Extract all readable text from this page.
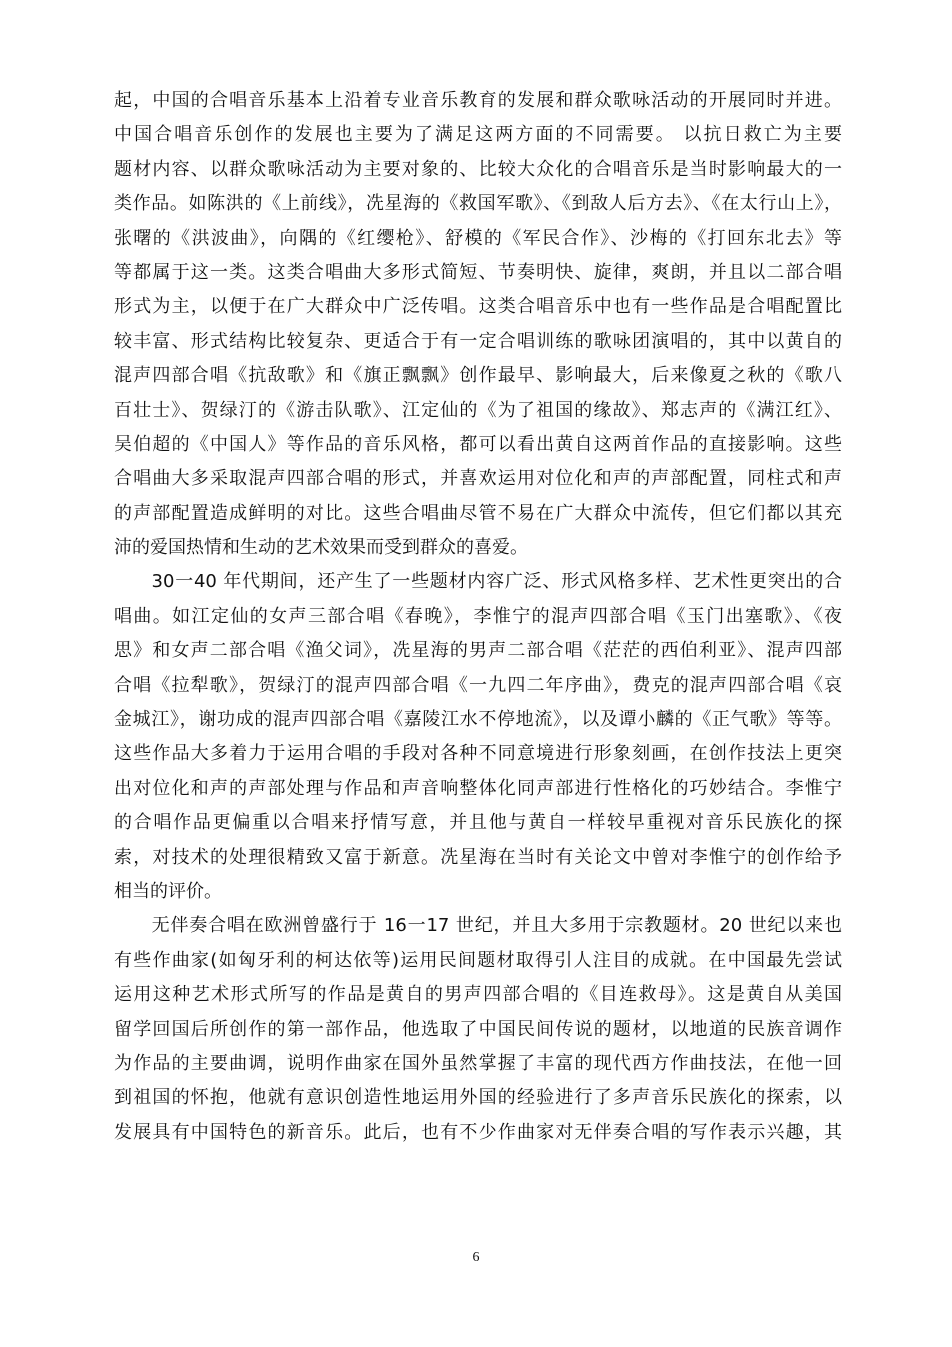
起，中国的合唱音乐基本上沿着专业音乐教育的发展和群众歌咏活动的开展同时并进。
中国合唱音乐创作的发展也主要为了满足这两方面的不同需要。 以抗日救亡为主要
题材内容、以群众歌咏活动为主要对象的、比较大众化的合唱音乐是当时影响最大的一
类作品。如陈洪的《上前线》，冼星海的《救国军歌》、《到敌人后方去》、《在太行山上》，
张曙的《洪波曲》，向隅的《红缨枪》、舒模的《军民合作》、沙梅的《打回东北去》等
等都属于这一类。这类合唱曲大多形式简短、节奏明快、旋律，爽朗，并且以二部合唱
形式为主，以便于在广大群众中广泛传唱。这类合唱音乐中也有一些作品是合唱配置比
较丰富、形式结构比较复杂、更适合于有一定合唱训练的歌咏团演唱的，其中以黄自的
混声四部合唱《抗敌歌》和《旗正飘飘》创作最早、影响最大，后来像夏之秋的《歌八
百壮士》、贺绿汀的《游击队歌》、江定仙的《为了祖国的缘故》、郑志声的《满江红》、
吴伯超的《中国人》等作品的音乐风格，都可以看出黄自这两首作品的直接影响。这些
合唱曲大多采取混声四部合唱的形式，并喜欢运用对位化和声的声部配置，同柱式和声
的声部配置造成鲜明的对比。这些合唱曲尽管不易在广大群众中流传，但它们都以其充
沛的爱国热情和生动的艺术效果而受到群众的喜爱。
　　30一40 年代期间，还产生了一些题材内容广泛、形式风格多样、艺术性更突出的合
唱曲。如江定仙的女声三部合唱《春晚》，李惟宁的混声四部合唱《玉门出塞歌》、《夜
思》和女声二部合唱《渔父词》，冼星海的男声二部合唱《茫茫的西伯利亚》、混声四部
合唱《拉犁歌》，贺绿汀的混声四部合唱《一九四二年序曲》，费克的混声四部合唱《哀
金城江》，谢功成的混声四部合唱《嘉陵江水不停地流》，以及谭小麟的《正气歌》等等。
这些作品大多着力于运用合唱的手段对各种不同意境进行形象刻画，在创作技法上更突
出对位化和声的声部处理与作品和声音响整体化同声部进行性格化的巧妙结合。李惟宁
的合唱作品更偏重以合唱来抒情写意，并且他与黄自一样较早重视对音乐民族化的探
索，对技术的处理很精致又富于新意。冼星海在当时有关论文中曾对李惟宁的创作给予
相当的评价。
　　无伴奏合唱在欧洲曾盛行于 16一17 世纪，并且大多用于宗教题材。20 世纪以来也
有些作曲家(如匈牙利的柯达依等)运用民间题材取得引人注目的成就。在中国最先尝试
运用这种艺术形式所写的作品是黄自的男声四部合唱的《目连救母》。这是黄自从美国
留学回国后所创作的第一部作品，他选取了中国民间传说的题材，以地道的民族音调作
为作品的主要曲调，说明作曲家在国外虽然掌握了丰富的现代西方作曲技法，在他一回
到祖国的怀抱，他就有意识创造性地运用外国的经验进行了多声音乐民族化的探索，以
发展具有中国特色的新音乐。此后，也有不少作曲家对无伴奏合唱的写作表示兴趣，其
6
